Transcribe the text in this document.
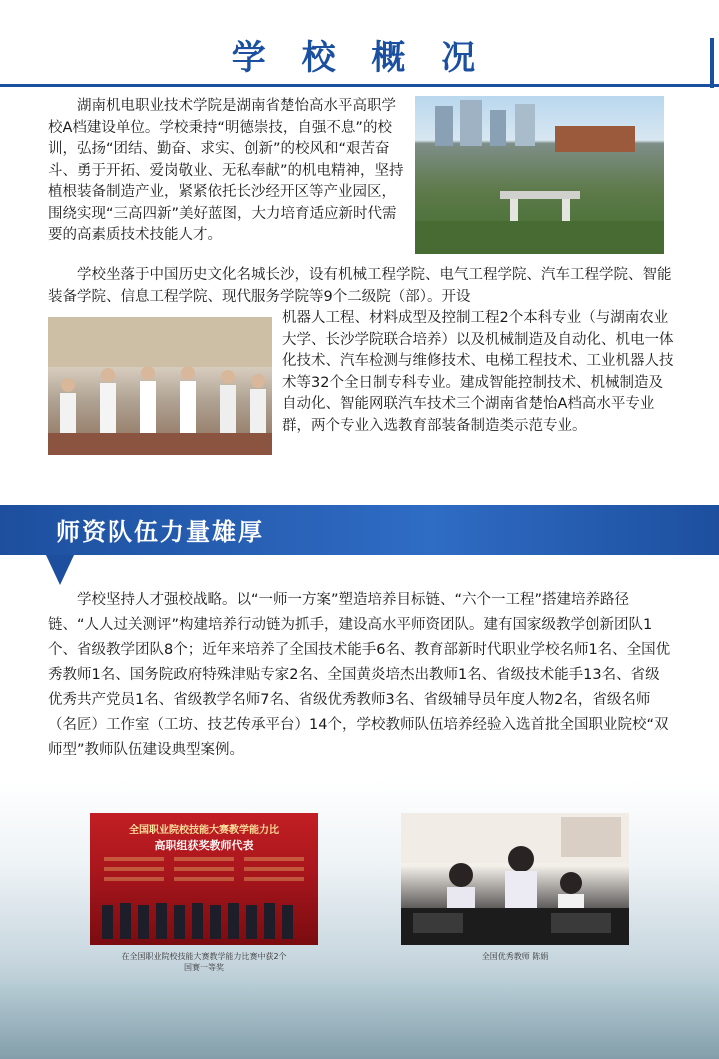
学 校 概 况
湖南机电职业技术学院是湖南省楚怡高水平高职学校A档建设单位。学校秉持“明德崇技，自强不息”的校训，弘扬“团结、勤奋、求实、创新”的校风和“艰苦奋斗、勇于开拓、爱岗敬业、无私奉献”的机电精神，坚持植根装备制造产业，紧紧依托长沙经开区等产业园区，围绕实现“三高四新”美好蓝图，大力培育适应新时代需要的高素质技术技能人才。
学校坐落于中国历史文化名城长沙，设有机械工程学院、电气工程学院、汽车工程学院、智能装备学院、信息工程学院、现代服务学院等9个二级院（部）。开设
机器人工程、材料成型及控制工程2个本科专业（与湖南农业大学、长沙学院联合培养）以及机械制造及自动化、机电一体化技术、汽车检测与维修技术、电梯工程技术、工业机器人技术等32个全日制专科专业。建成智能控制技术、机械制造及自动化、智能网联汽车技术三个湖南省楚怡A档高水平专业群，两个专业入选教育部装备制造类示范专业。
师资队伍力量雄厚
学校坚持人才强校战略。以“一师一方案”塑造培养目标链、“六个一工程”搭建培养路径链、“人人过关测评”构建培养行动链为抓手，建设高水平师资团队。建有国家级教学创新团队1个、省级教学团队8个；近年来培养了全国技术能手6名、教育部新时代职业学校名师1名、全国优秀教师1名、国务院政府特殊津贴专家2名、全国黄炎培杰出教师1名、省级技术能手13名、省级优秀共产党员1名、省级教学名师7名、省级优秀教师3名、省级辅导员年度人物2名，省级名师（名匠）工作室（工坊、技艺传承平台）14个，学校教师队伍培养经验入选首批全国职业院校“双师型”教师队伍建设典型案例。
全国职业院校技能大赛教学能力比
高职组获奖教师代表
在全国职业院校技能大赛教学能力比赛中获2个国赛一等奖
全国优秀教师 陈娟
